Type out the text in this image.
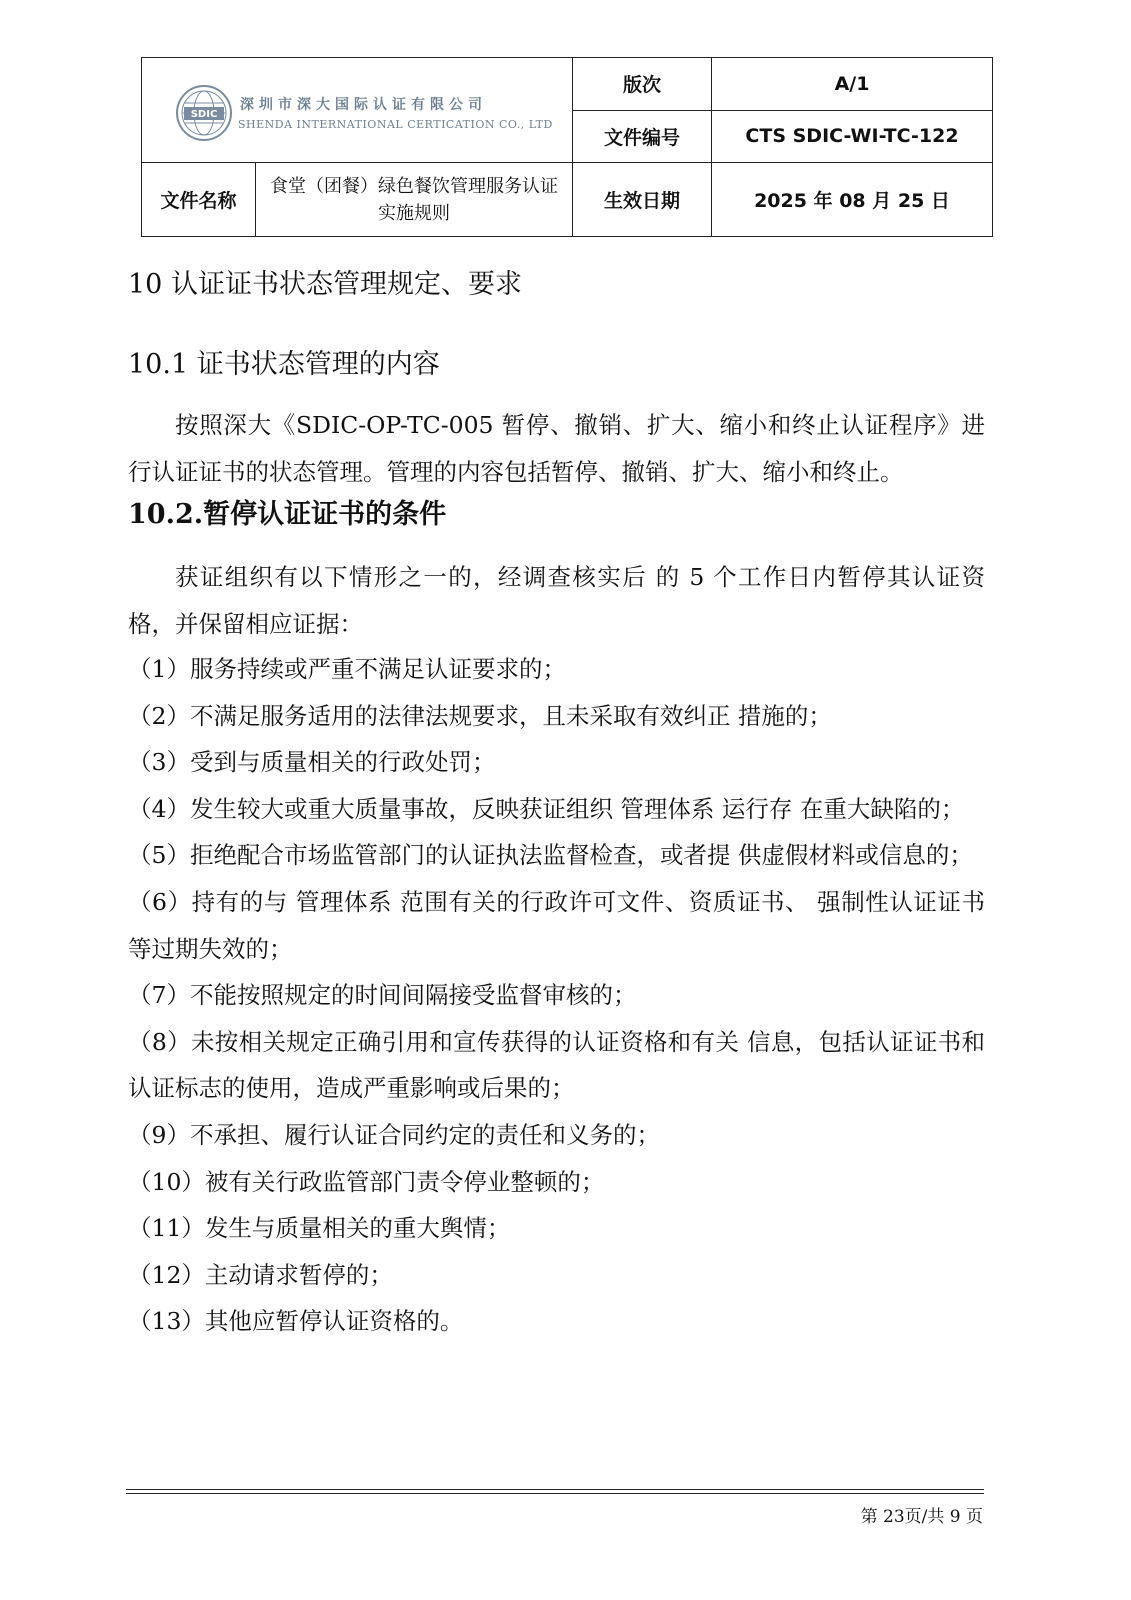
SDIC
深圳市深大国际认证有限公司
SHENDA INTERNATIONAL CERTICATION CO., LTD		版次	A/1
		文件编号	CTS SDIC-WI-TC-122
文件名称	食堂（团餐）绿色餐饮管理服务认证实施规则	生效日期	2025 年 08 月 25 日
10 认证证书状态管理规定、要求
10.1 证书状态管理的内容

按照深大《SDIC-OP-TC-005 暂停、撤销、扩大、缩小和终止认证程序》进行认证证书的状态管理。管理的内容包括暂停、撤销、扩大、缩小和终止。

10.2.暂停认证证书的条件

获证组织有以下情形之一的，经调查核实后 的 5 个工作日内暂停其认证资格，并保留相应证据：

（1）服务持续或严重不满足认证要求的；
（2）不满足服务适用的法律法规要求，且未采取有效纠正 措施的；
（3）受到与质量相关的行政处罚；
（4）发生较大或重大质量事故，反映获证组织 管理体系 运行存 在重大缺陷的；
（5）拒绝配合市场监管部门的认证执法监督检查，或者提 供虚假材料或信息的；
（6）持有的与 管理体系 范围有关的行政许可文件、资质证书、 强制性认证证书等过期失效的；
（7）不能按照规定的时间间隔接受监督审核的；
（8）未按相关规定正确引用和宣传获得的认证资格和有关 信息，包括认证证书和认证标志的使用，造成严重影响或后果的；
（9）不承担、履行认证合同约定的责任和义务的；
（10）被有关行政监管部门责令停业整顿的；
（11）发生与质量相关的重大舆情；
（12）主动请求暂停的；
（13）其他应暂停认证资格的。
第 23页/共 9 页
